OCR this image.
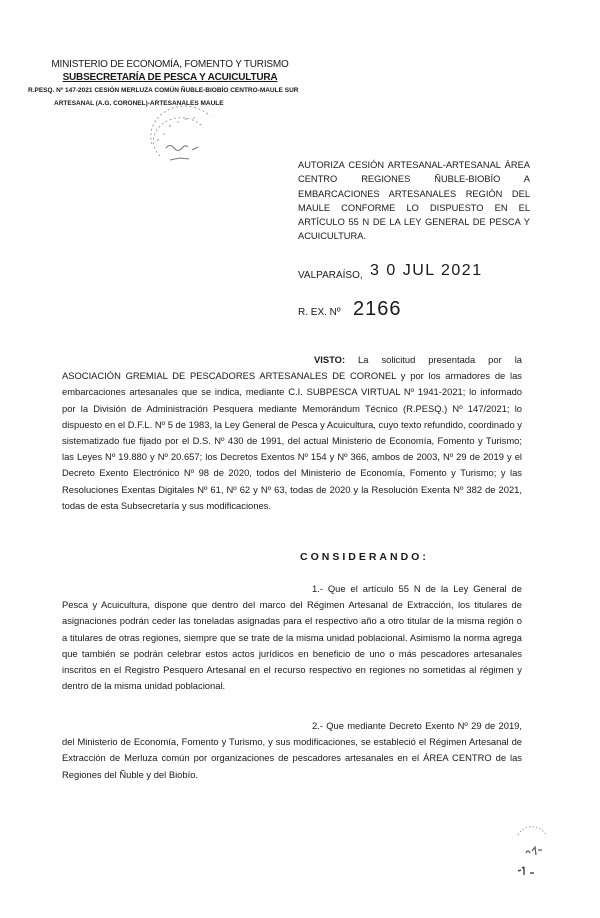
MINISTERIO DE ECONOMÍA, FOMENTO Y TURISMO
SUBSECRETARÍA DE PESCA Y ACUICULTURA
R.PESQ. Nº 147-2021 CESIÓN MERLUZA COMÚN ÑUBLE-BIOBÍO CENTRO-MAULE SUR
ARTESANAL (A.G. CORONEL)-ARTESANALES MAULE
AUTORIZA CESIÓN ARTESANAL-ARTESANAL ÁREA CENTRO REGIONES ÑUBLE-BIOBÍO A EMBARCACIONES ARTESANALES REGIÓN DEL MAULE CONFORME LO DISPUESTO EN EL ARTÍCULO 55 N DE LA LEY GENERAL DE PESCA Y ACUICULTURA.
VALPARAÍSO, 3 0 JUL 2021
R. EX. Nº 2166
VISTO: La solicitud presentada por la ASOCIACIÓN GREMIAL DE PESCADORES ARTESANALES DE CORONEL y por los armadores de las embarcaciones artesanales que se indica, mediante C.I. SUBPESCA VIRTUAL Nº 1941-2021; lo informado por la División de Administración Pesquera mediante Memorándum Técnico (R.PESQ.) Nº 147/2021; lo dispuesto en el D.F.L. Nº 5 de 1983, la Ley General de Pesca y Acuicultura, cuyo texto refundido, coordinado y sistematizado fue fijado por el D.S. Nº 430 de 1991, del actual Ministerio de Economía, Fomento y Turismo; las Leyes Nº 19.880 y Nº 20.657; los Decretos Exentos Nº 154 y Nº 366, ambos de 2003, Nº 29 de 2019 y el Decreto Exento Electrónico Nº 98 de 2020, todos del Ministerio de Economía, Fomento y Turismo; y las Resoluciones Exentas Digitales Nº 61, Nº 62 y Nº 63, todas de 2020 y la Resolución Exenta Nº 382 de 2021, todas de esta Subsecretaría y sus modificaciones.
CONSIDERANDO:
1.- Que el artículo 55 N de la Ley General de Pesca y Acuicultura, dispone que dentro del marco del Régimen Artesanal de Extracción, los titulares de asignaciones podrán ceder las toneladas asignadas para el respectivo año a otro titular de la misma región o a titulares de otras regiones, siempre que se trate de la misma unidad poblacional. Asimismo la norma agrega que también se podrán celebrar estos actos jurídicos en beneficio de uno o más pescadores artesanales inscritos en el Registro Pesquero Artesanal en el recurso respectivo en regiones no sometidas al régimen y dentro de la misma unidad poblacional.
2.- Que mediante Decreto Exento Nº 29 de 2019, del Ministerio de Economía, Fomento y Turismo, y sus modificaciones, se estableció el Régimen Artesanal de Extracción de Merluza común por organizaciones de pescadores artesanales en el ÁREA CENTRO de las Regiones del Ñuble y del Biobío.
